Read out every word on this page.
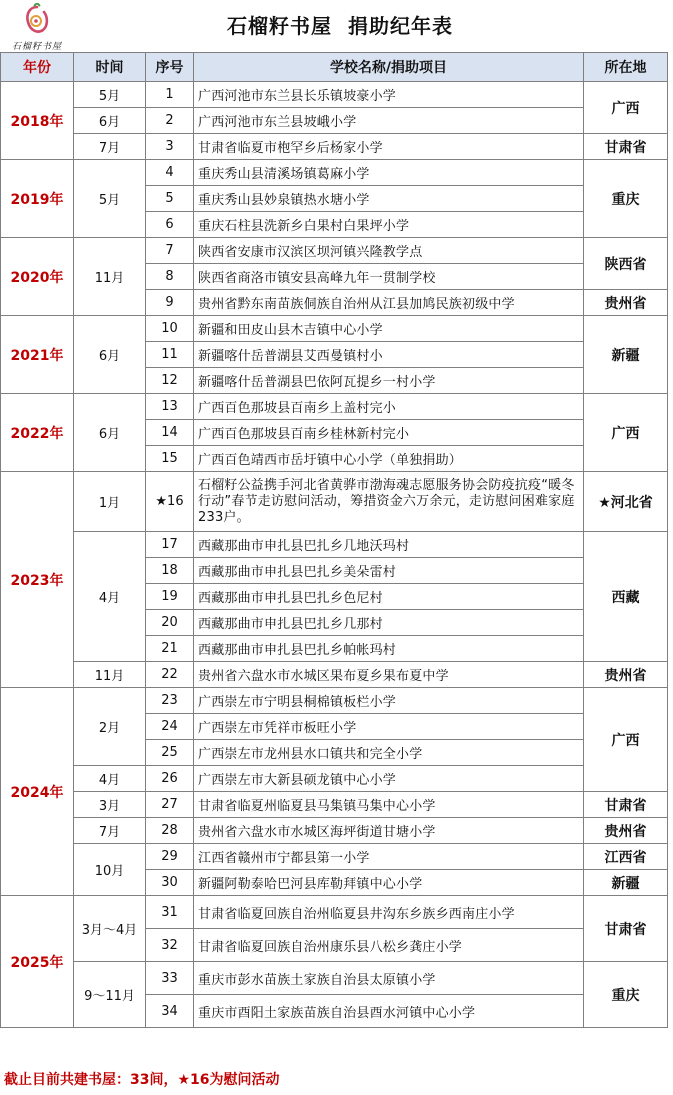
石榴籽书屋
石榴籽书屋  捐助纪年表
年份	时间	序号	学校名称/捐助项目	所在地
2018年	5月	1	广西河池市东兰县长乐镇坡豪小学	广西
	6月	2	广西河池市东兰县坡峨小学	
	7月	3	甘肃省临夏市枹罕乡后杨家小学	甘肃省
2019年	5月	4	重庆秀山县清溪场镇葛麻小学	重庆
		5	重庆秀山县妙泉镇热水塘小学	
		6	重庆石柱县洗新乡白果村白果坪小学	
2020年	11月	7	陕西省安康市汉滨区坝河镇兴隆教学点	陕西省
		8	陕西省商洛市镇安县高峰九年一贯制学校	
		9	贵州省黔东南苗族侗族自治州从江县加鸠民族初级中学	贵州省
2021年	6月	10	新疆和田皮山县木吉镇中心小学	新疆
		11	新疆喀什岳普湖县艾西曼镇村小	
		12	新疆喀什岳普湖县巴依阿瓦提乡一村小学	
2022年	6月	13	广西百色那坡县百南乡上盖村完小	广西
		14	广西百色那坡县百南乡桂林新村完小	
		15	广西百色靖西市岳圩镇中心小学（单独捐助）	
2023年	1月	★16	石榴籽公益携手河北省黄骅市渤海魂志愿服务协会防疫抗疫“暖冬行动”春节走访慰问活动，筹措资金六万余元，走访慰问困难家庭233户。	★河北省
	4月	17	西藏那曲市申扎县巴扎乡几地沃玛村	西藏
		18	西藏那曲市申扎县巴扎乡美朵雷村	
		19	西藏那曲市申扎县巴扎乡色尼村	
		20	西藏那曲市申扎县巴扎乡几那村	
		21	西藏那曲市申扎县巴扎乡帕帐玛村	
	11月	22	贵州省六盘水市水城区果布夏乡果布夏中学	贵州省
2024年	2月	23	广西崇左市宁明县桐棉镇板栏小学	广西
		24	广西崇左市凭祥市板旺小学	
		25	广西崇左市龙州县水口镇共和完全小学	
	4月	26	广西崇左市大新县硕龙镇中心小学	
	3月	27	甘肃省临夏州临夏县马集镇马集中心小学	甘肃省
	7月	28	贵州省六盘水市水城区海坪街道甘塘小学	贵州省
	10月	29	江西省赣州市宁都县第一小学	江西省
		30	新疆阿勒泰哈巴河县库勒拜镇中心小学	新疆
2025年	3月～4月	31	甘肃省临夏回族自治州临夏县井沟东乡族乡西南庄小学	甘肃省
		32	甘肃省临夏回族自治州康乐县八松乡龚庄小学	
	9～11月	33	重庆市彭水苗族土家族自治县太原镇小学	重庆
		34	重庆市酉阳土家族苗族自治县酉水河镇中心小学	

截止目前共建书屋：33间，★16为慰问活动
